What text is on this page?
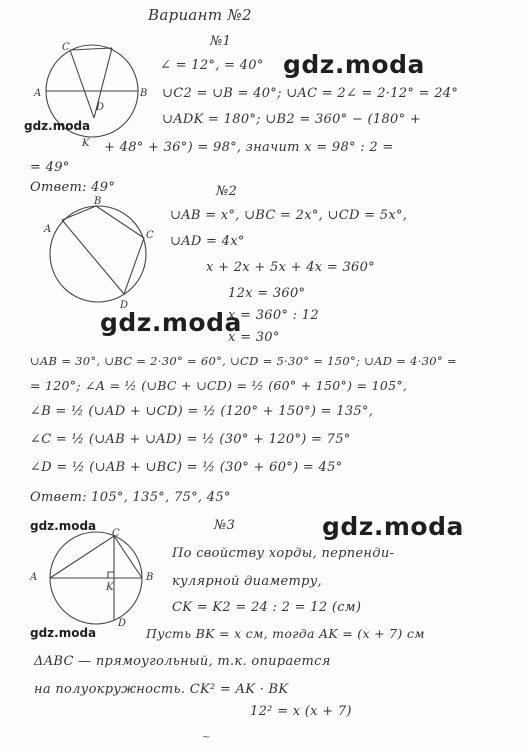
Вариант №2
№1
C
B
A
D
K
∠ = 12°, = 40°
∪C2 = ∪B = 40°; ∪AC = 2∠ = 2·12° = 24°
∪ADK = 180°; ∪B2 = 360° − (180° +
+ 48° + 36°) = 98°, значит x = 98° : 2 =
= 49°
Ответ: 49°
gdz.moda
gdz.moda
№2
B
A
C
D
∪AB = x°, ∪BC = 2x°, ∪CD = 5x°,
∪AD = 4x°
x + 2x + 5x + 4x = 360°
12x = 360°
x = 360° : 12
x = 30°
gdz.moda
∪AB = 30°, ∪BC = 2·30° = 60°, ∪CD = 5·30° = 150°; ∪AD = 4·30° =
= 120°; ∠A = ½ (∪BC + ∪CD) = ½ (60° + 150°) = 105°,
∠B = ½ (∪AD + ∪CD) = ½ (120° + 150°) = 135°,
∠C = ½ (∪AB + ∪AD) = ½ (30° + 120°) = 75°
∠D = ½ (∪AB + ∪BC) = ½ (30° + 60°) = 45°
Ответ: 105°, 135°, 75°, 45°
gdz.moda	№3	gdz.moda
C
A	B
K
D
По свойству хорды, перпенди-
кулярной диаметру,
CK = K2 = 24 : 2 = 12 (см)
Пусть BK = x см, тогда AK = (x + 7) см
ΔABC — прямоугольный, т.к. опирается
на полуокружность. CK² = AK · BK
12² = x (x + 7)
gdz.moda
~
